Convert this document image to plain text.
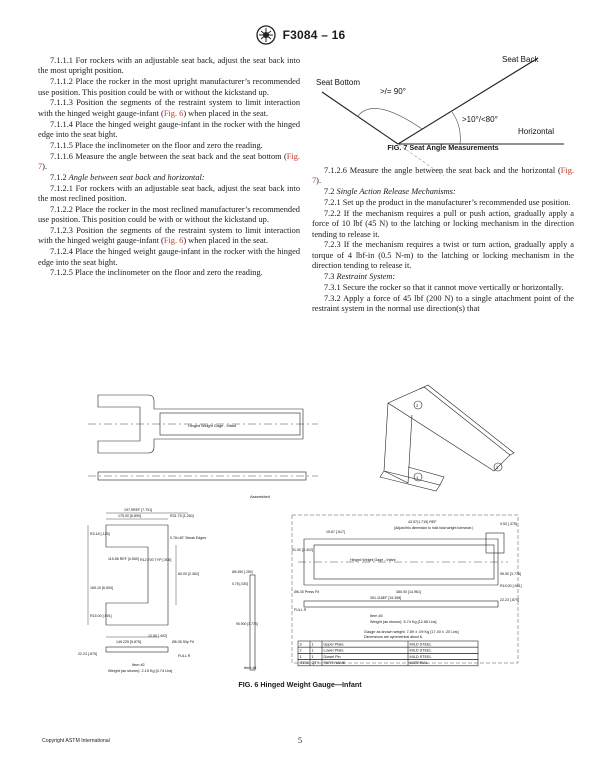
F3084 – 16

7.1.1.1 For rockers with an adjustable seat back, adjust the seat back into the most upright position.

7.1.1.2 Place the rocker in the most upright manufacturer’s recommended use position. This position could be with or without the kickstand up.

7.1.1.3 Position the segments of the restraint system to limit interaction with the hinged weight gauge-infant (Fig. 6) when placed in the seat.

7.1.1.4 Place the hinged weight gauge-infant in the rocker with the hinged edge into the seat bight.

7.1.1.5 Place the inclinometer on the floor and zero the reading.

7.1.1.6 Measure the angle between the seat back and the seat bottom (Fig. 7).

7.1.2 Angle between seat back and horizontal:

7.1.2.1 For rockers with an adjustable seat back, adjust the seat back into the most reclined position.

7.1.2.2 Place the rocker in the most reclined manufacturer’s recommended use position. This position could be with or without the kickstand up.

7.1.2.3 Position the segments of the restraint system to limit interaction with the hinged weight gauge-infant (Fig. 6) when placed in the seat.

7.1.2.4 Place the hinged weight gauge-infant in the rocker with the hinged edge into the seat bight.

7.1.2.5 Place the inclinometer on the floor and zero the reading.

Seat Back
Seat Bottom
>/= 90°
>10°/<80°
Horizontal
FIG. 7 Seat Angle Measurements

7.1.2.6 Measure the angle between the seat back and the horizontal (Fig. 7).

7.2 Single Action Release Mechanisms:

7.2.1 Set up the product in the manufacturer’s recommended use position.

7.2.2 If the mechanism requires a pull or push action, gradually apply a force of 10 lbf (45 N) to the latching or locking mechanism in the direction tending to release it.

7.2.3 If the mechanism requires a twist or turn action, gradually apply a torque of 4 lbf-in (0.5 N-m) to the latching or locking mechanism in the direction tending to release it.

7.3 Restraint System:

7.3.1 Secure the rocker so that it cannot move vertically or horizontally.

7.3.2 Apply a force of 45 lbf (200 N) to a single attachment point of the restraint system in the normal use direction(s) that

Hinged Weight Gage - Infant
Assembled
2
3
1
197.9REF [7.791]
175.00 [6.890]	R31.75 [1.250]
R3.18 [.125]
115.56 REF [4.550] R12.700 TYP [.500]
0.76×45° Break Edges
60.00 [2.362]
165.10 [6.500]
R15.00 [.591]
149.225 [5.875]	Ø6.35 Slip Fit
12.50 [.492]
22.23 [.875]	FULL R
Item #2
Weight (as shown): 2.15 Kg [4.74 Lbs]
Ø6.350 [.250]
0.76 [.030]
95.900 [3.776]
Item #1
15.67 [.617]
43.57(1.715) REF
(Adjust this dimension to hold total weight tolerance.)
9.53 [.375]
61.00 [2.402]
Hinged Weight Gage - Infant
380.00 [14.961]
391.118EF [15.398]
95.90 [3.776]
R15.00 [.591]
22.23 [.875]
Ø6.35 Press Fit
FULL R
Item #3
Weight (as shown): 5.74 Kg [12.66 Lbs]
Gauge as shown weight: 7.89 ± .09 Kg [17.40 ± .20 Lbs]
Dimensions are symmetrical about ℄
3	1	Upper Plate	MILD STEEL
2	1	Lower Plate	MILD STEEL
1	1	Dowel Pin	MILD STEEL
ITEM QTY PART NAME	MATERIAL
FIG. 6 Hinged Weight Gauge—Infant
Copyright ASTM International	5
